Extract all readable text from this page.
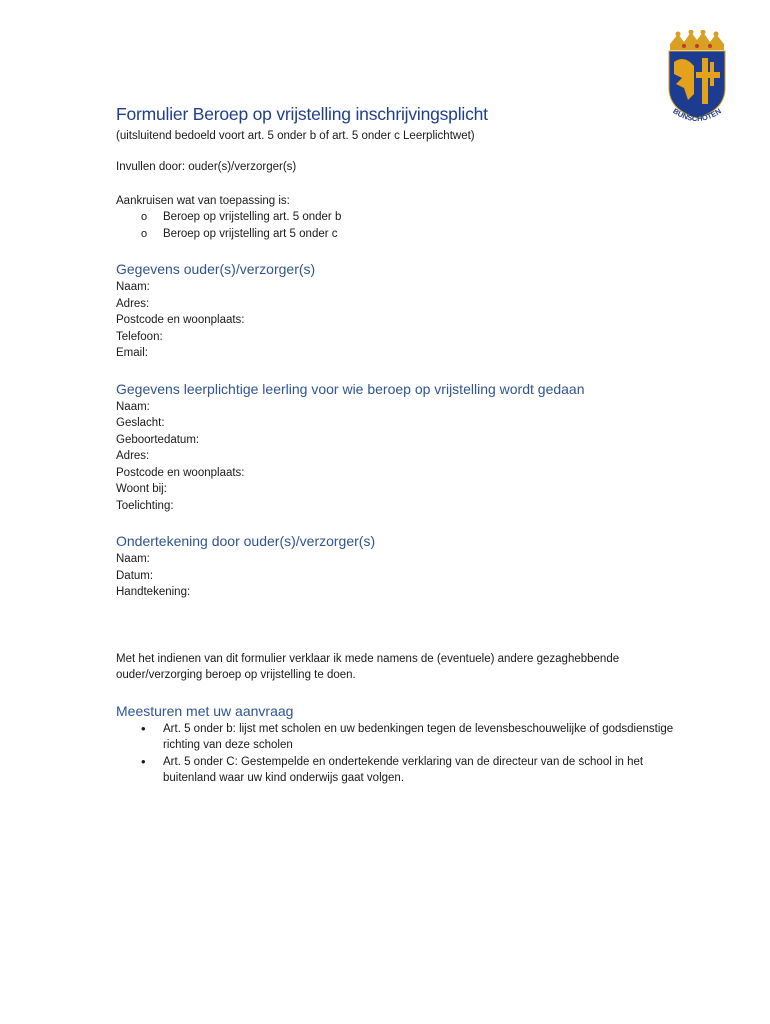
BUNSCHOTEN
Formulier Beroep op vrijstelling inschrijvingsplicht
(uitsluitend bedoeld voort art. 5 onder b of art. 5 onder c Leerplichtwet)
Invullen door: ouder(s)/verzorger(s)
Aankruisen wat van toepassing is:
o Beroep op vrijstelling art. 5 onder b
o Beroep op vrijstelling art 5 onder c
Gegevens ouder(s)/verzorger(s)
Naam:
Adres:
Postcode en woonplaats:
Telefoon:
Email:
Gegevens leerplichtige leerling voor wie beroep op vrijstelling wordt gedaan
Naam:
Geslacht:
Geboortedatum:
Adres:
Postcode en woonplaats:
Woont bij:
Toelichting:
Ondertekening door ouder(s)/verzorger(s)
Naam:
Datum:
Handtekening:
Met het indienen van dit formulier verklaar ik mede namens de (eventuele) andere gezaghebbende ouder/verzorging beroep op vrijstelling te doen.
Meesturen met uw aanvraag
• Art. 5 onder b: lijst met scholen en uw bedenkingen tegen de levensbeschouwelijke of godsdienstige richting van deze scholen
• Art. 5 onder C: Gestempelde en ondertekende verklaring van de directeur van de school in het buitenland waar uw kind onderwijs gaat volgen.
